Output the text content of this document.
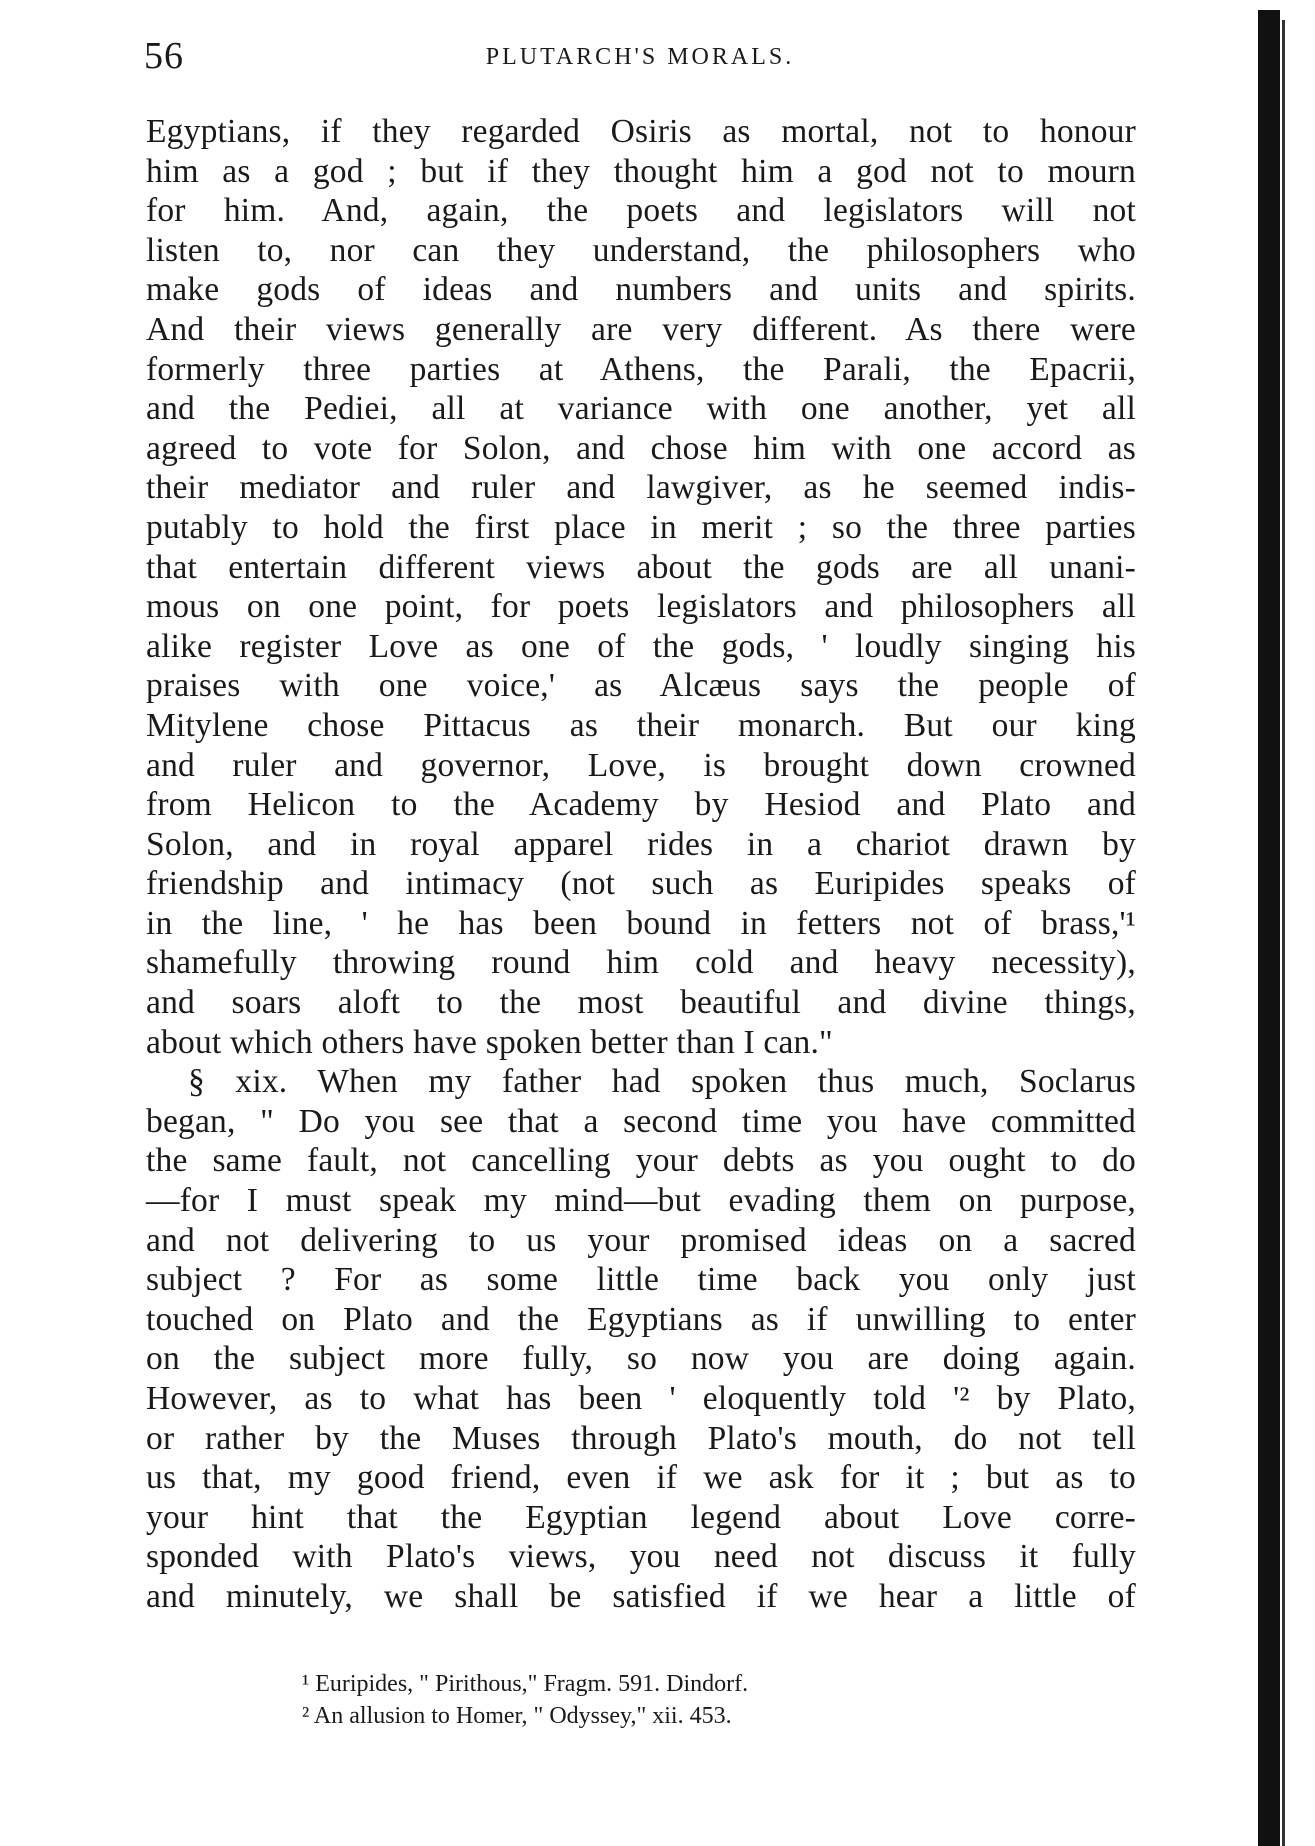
56	PLUTARCH'S MORALS.
Egyptians, if they regarded Osiris as mortal, not to honour
him as a god ; but if they thought him a god not to mourn
for him. And, again, the poets and legislators will not
listen to, nor can they understand, the philosophers who
make gods of ideas and numbers and units and spirits.
And their views generally are very different. As there were
formerly three parties at Athens, the Parali, the Epacrii,
and the Pediei, all at variance with one another, yet all
agreed to vote for Solon, and chose him with one accord as
their mediator and ruler and lawgiver, as he seemed indis-
putably to hold the first place in merit ; so the three parties
that entertain different views about the gods are all unani-
mous on one point, for poets legislators and philosophers all
alike register Love as one of the gods, ' loudly singing his
praises with one voice,' as Alcæus says the people of
Mitylene chose Pittacus as their monarch. But our king
and ruler and governor, Love, is brought down crowned
from Helicon to the Academy by Hesiod and Plato and
Solon, and in royal apparel rides in a chariot drawn by
friendship and intimacy (not such as Euripides speaks of
in the line, ' he has been bound in fetters not of brass,'¹
shamefully throwing round him cold and heavy necessity),
and soars aloft to the most beautiful and divine things,
about which others have spoken better than I can."
§ xix. When my father had spoken thus much, Soclarus
began, " Do you see that a second time you have committed
the same fault, not cancelling your debts as you ought to do
—for I must speak my mind—but evading them on purpose,
and not delivering to us your promised ideas on a sacred
subject ? For as some little time back you only just
touched on Plato and the Egyptians as if unwilling to enter
on the subject more fully, so now you are doing again.
However, as to what has been ' eloquently told '² by Plato,
or rather by the Muses through Plato's mouth, do not tell
us that, my good friend, even if we ask for it ; but as to
your hint that the Egyptian legend about Love corre-
sponded with Plato's views, you need not discuss it fully
and minutely, we shall be satisfied if we hear a little of
¹ Euripides, " Pirithous," Fragm. 591. Dindorf.
² An allusion to Homer, " Odyssey," xii. 453.
